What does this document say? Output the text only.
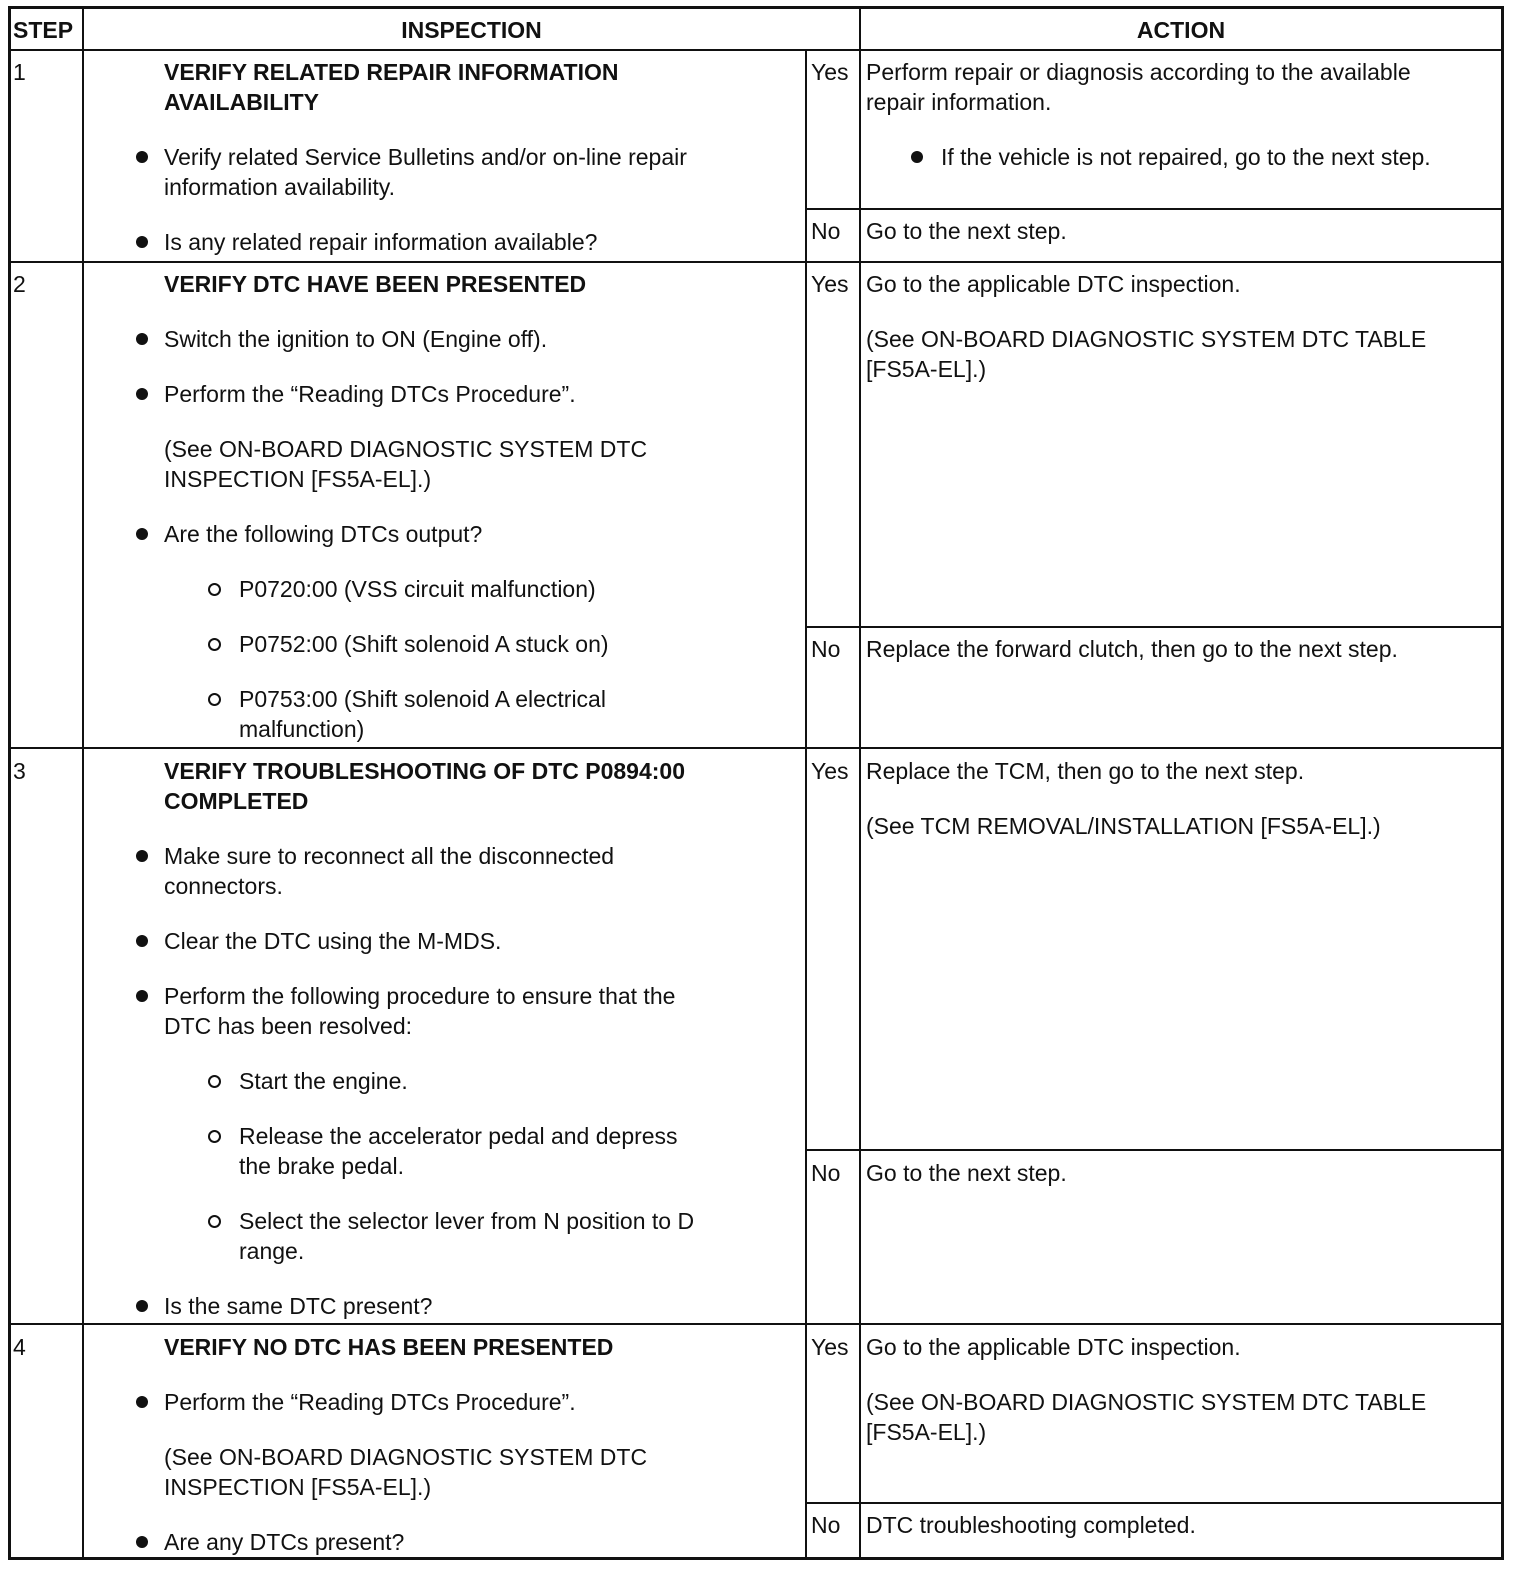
STEP	INSPECTION	ACTION
1	VERIFY RELATED REPAIR INFORMATION
AVAILABILITY
Verify related Service Bulletins and/or on-line repair
information availability.
Is any related repair information available?
Yes Perform repair or diagnosis according to the available
repair information.
If the vehicle is not repaired, go to the next step.
No Go to the next step.
2	VERIFY DTC HAVE BEEN PRESENTED
Switch the ignition to ON (Engine off).
Perform the “Reading DTCs Procedure”.
(See ON-BOARD DIAGNOSTIC SYSTEM DTC
INSPECTION [FS5A-EL].)
Are the following DTCs output?
P0720:00 (VSS circuit malfunction)
P0752:00 (Shift solenoid A stuck on)
P0753:00 (Shift solenoid A electrical
malfunction)
Yes Go to the applicable DTC inspection.
(See ON-BOARD DIAGNOSTIC SYSTEM DTC TABLE
[FS5A-EL].)
No Replace the forward clutch, then go to the next step.
3	VERIFY TROUBLESHOOTING OF DTC P0894:00
COMPLETED
Make sure to reconnect all the disconnected
connectors.
Clear the DTC using the M-MDS.
Perform the following procedure to ensure that the
DTC has been resolved:
Start the engine.
Release the accelerator pedal and depress
the brake pedal.
Select the selector lever from N position to D
range.
Is the same DTC present?
Yes Replace the TCM, then go to the next step.
(See TCM REMOVAL/INSTALLATION [FS5A-EL].)
No Go to the next step.
4	VERIFY NO DTC HAS BEEN PRESENTED
Perform the “Reading DTCs Procedure”.
(See ON-BOARD DIAGNOSTIC SYSTEM DTC
INSPECTION [FS5A-EL].)
Are any DTCs present?
Yes Go to the applicable DTC inspection.
(See ON-BOARD DIAGNOSTIC SYSTEM DTC TABLE
[FS5A-EL].)
No DTC troubleshooting completed.
